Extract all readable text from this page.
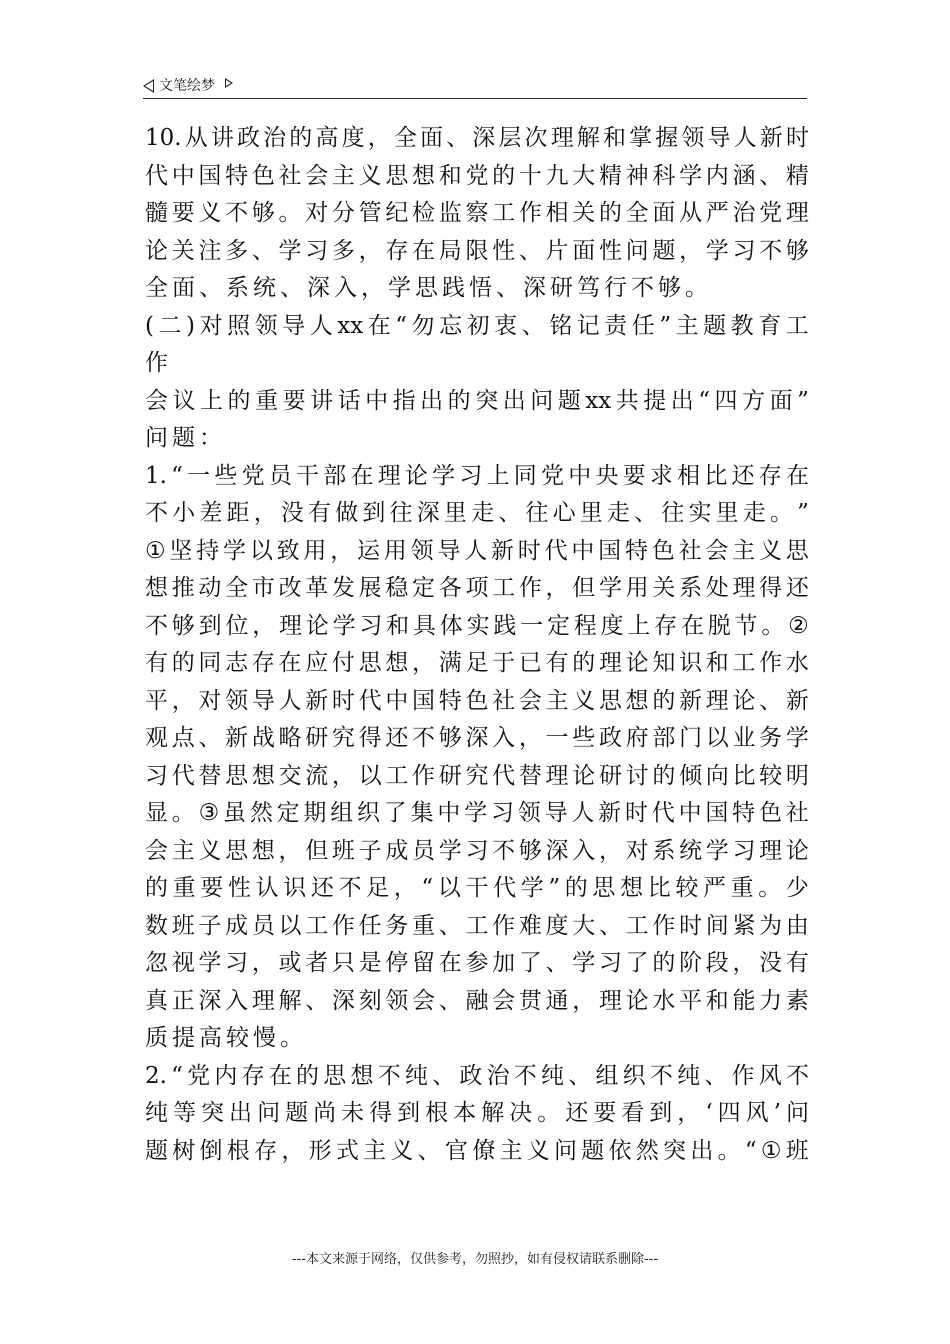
文笔绘梦
10. 从 讲 政 治 的 高 度 ， 全 面 、 深 层 次 理 解 和 掌 握 领 导 人 新 时
代 中 国 特 色 社 会 主 义 思 想 和 党 的 十 九 大 精 神 科 学 内 涵 、 精
髓 要 义 不 够 。 对 分 管 纪 检 监 察 工 作 相 关 的 全 面 从 严 治 党 理
论 关 注 多 、 学 习 多 ， 存 在 局 限 性 、 片 面 性 问 题 ， 学 习 不 够
全面、系统、深入，学思践悟、深研笃行不够。
( 二 ) 对 照 领 导 人 xx 在 “ 勿 忘 初 衷 、 铭 记 责 任 ” 主 题 教 育 工
作
会 议 上 的 重 要 讲 话 中 指 出 的 突 出 问 题 xx 共 提 出 “ 四 方 面 ”
问题：
1. “ 一 些 党 员 干 部 在 理 论 学 习 上 同 党 中 央 要 求 相 比 还 存 在
不 小 差 距 ， 没 有 做 到 往 深 里 走 、 往 心 里 走 、 往 实 里 走 。 ”
① 坚 持 学 以 致 用 ， 运 用 领 导 人 新 时 代 中 国 特 色 社 会 主 义 思
想 推 动 全 市 改 革 发 展 稳 定 各 项 工 作 ， 但 学 用 关 系 处 理 得 还
不 够 到 位 ， 理 论 学 习 和 具 体 实 践 一 定 程 度 上 存 在 脱 节 。 ②
有 的 同 志 存 在 应 付 思 想 ， 满 足 于 已 有 的 理 论 知 识 和 工 作 水
平 ， 对 领 导 人 新 时 代 中 国 特 色 社 会 主 义 思 想 的 新 理 论 、 新
观 点 、 新 战 略 研 究 得 还 不 够 深 入 ， 一 些 政 府 部 门 以 业 务 学
习 代 替 思 想 交 流 ， 以 工 作 研 究 代 替 理 论 研 讨 的 倾 向 比 较 明
显 。 ③ 虽 然 定 期 组 织 了 集 中 学 习 领 导 人 新 时 代 中 国 特 色 社
会 主 义 思 想 ， 但 班 子 成 员 学 习 不 够 深 入 ， 对 系 统 学 习 理 论
的 重 要 性 认 识 还 不 足 ， “ 以 干 代 学 ” 的 思 想 比 较 严 重 。 少
数 班 子 成 员 以 工 作 任 务 重 、 工 作 难 度 大 、 工 作 时 间 紧 为 由
忽 视 学 习 ， 或 者 只 是 停 留 在 参 加 了 、 学 习 了 的 阶 段 ， 没 有
真 正 深 入 理 解 、 深 刻 领 会 、 融 会 贯 通 ， 理 论 水 平 和 能 力 素
质提高较慢。
2. “ 党 内 存 在 的 思 想 不 纯 、 政 治 不 纯 、 组 织 不 纯 、 作 风 不
纯 等 突 出 问 题 尚 未 得 到 根 本 解 决 。 还 要 看 到 ， ‘ 四 风 ’ 问
题 树 倒 根 存 ， 形 式 主 义 、 官 僚 主 义 问 题 依 然 突 出 。 “ ① 班
---本文来源于网络，仅供参考，勿照抄，如有侵权请联系删除---
